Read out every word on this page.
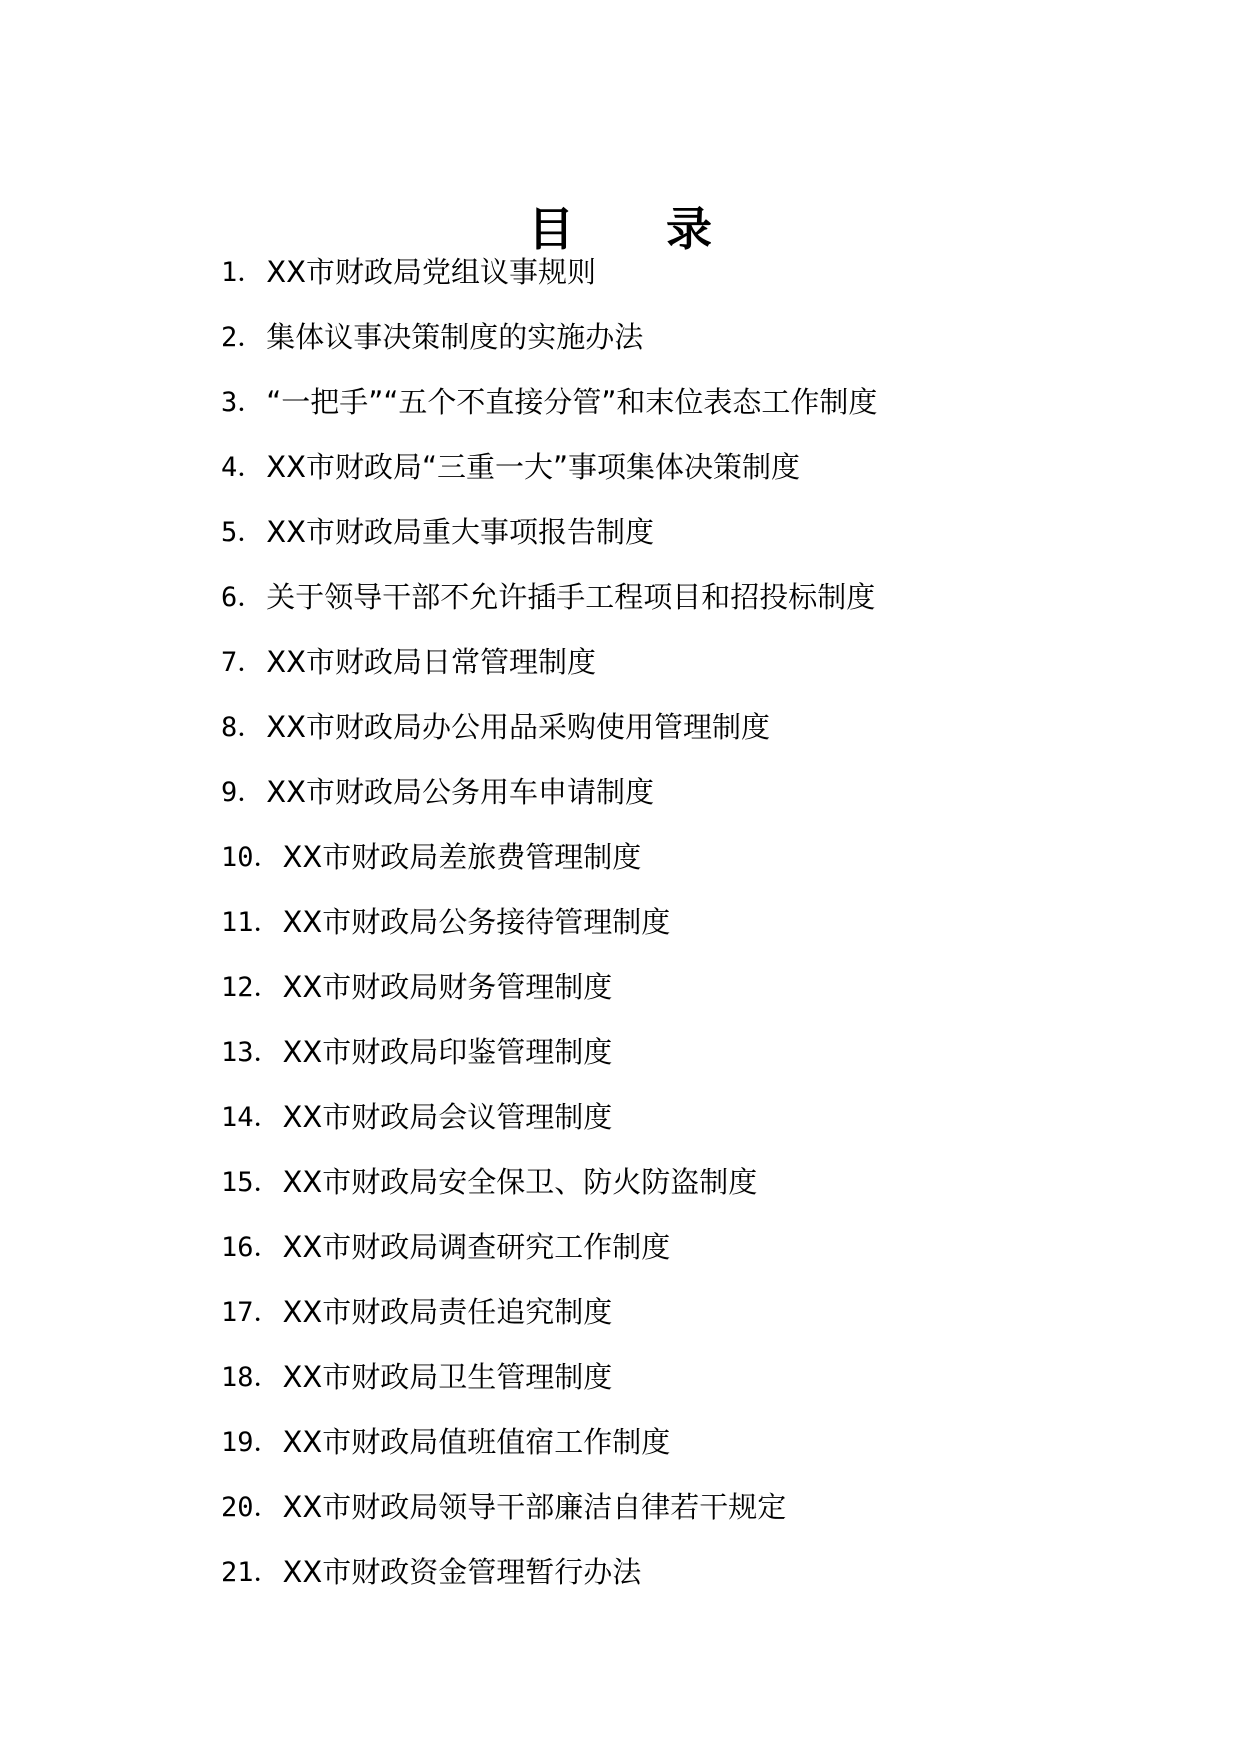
目 录
1． XX市财政局党组议事规则
2． 集体议事决策制度的实施办法
3． “一把手”“五个不直接分管”和末位表态工作制度
4． XX市财政局“三重一大”事项集体决策制度
5． XX市财政局重大事项报告制度
6． 关于领导干部不允许插手工程项目和招投标制度
7． XX市财政局日常管理制度
8． XX市财政局办公用品采购使用管理制度
9． XX市财政局公务用车申请制度
10． XX市财政局差旅费管理制度
11． XX市财政局公务接待管理制度
12． XX市财政局财务管理制度
13． XX市财政局印鉴管理制度
14． XX市财政局会议管理制度
15． XX市财政局安全保卫、防火防盗制度
16． XX市财政局调查研究工作制度
17． XX市财政局责任追究制度
18． XX市财政局卫生管理制度
19． XX市财政局值班值宿工作制度
20． XX市财政局领导干部廉洁自律若干规定
21． XX市财政资金管理暂行办法
